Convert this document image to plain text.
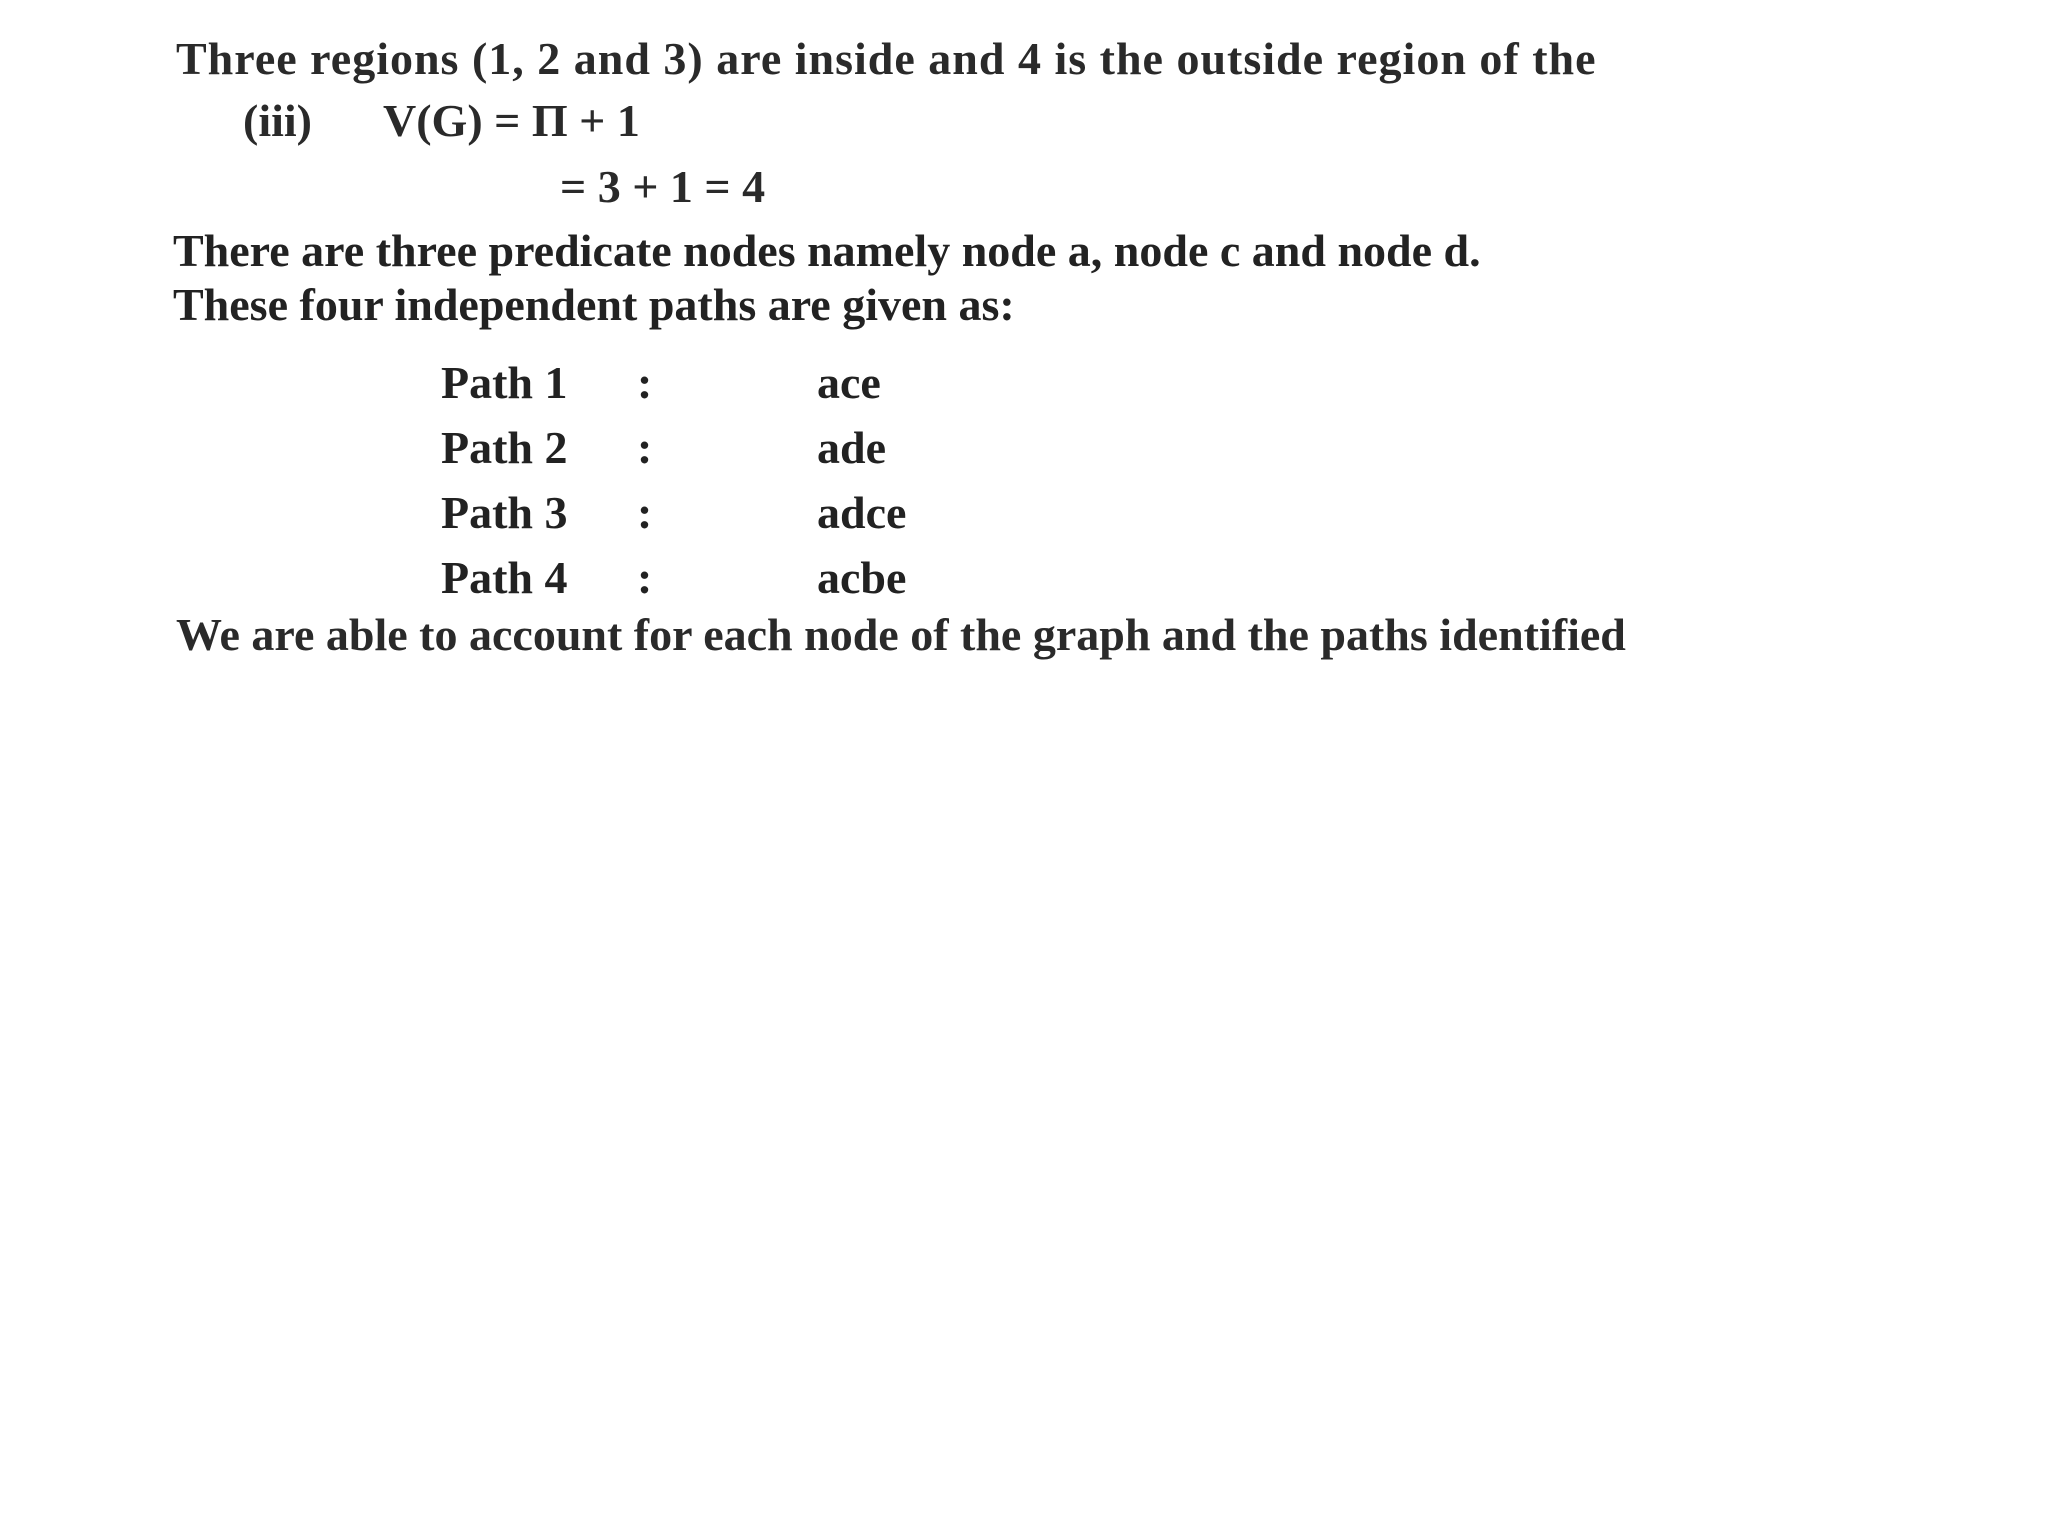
Three regions (1, 2 and 3) are inside and 4 is the outside region of the
(iii) V(G) = Π + 1
= 3 + 1 = 4
There are three predicate nodes namely node a, node c and node d.
These four independent paths are given as:
Path 1 :	ace
Path 2 :	ade
Path 3 :	adce
Path 4 :	acbe
We are able to account for each node of the graph and the paths identified
